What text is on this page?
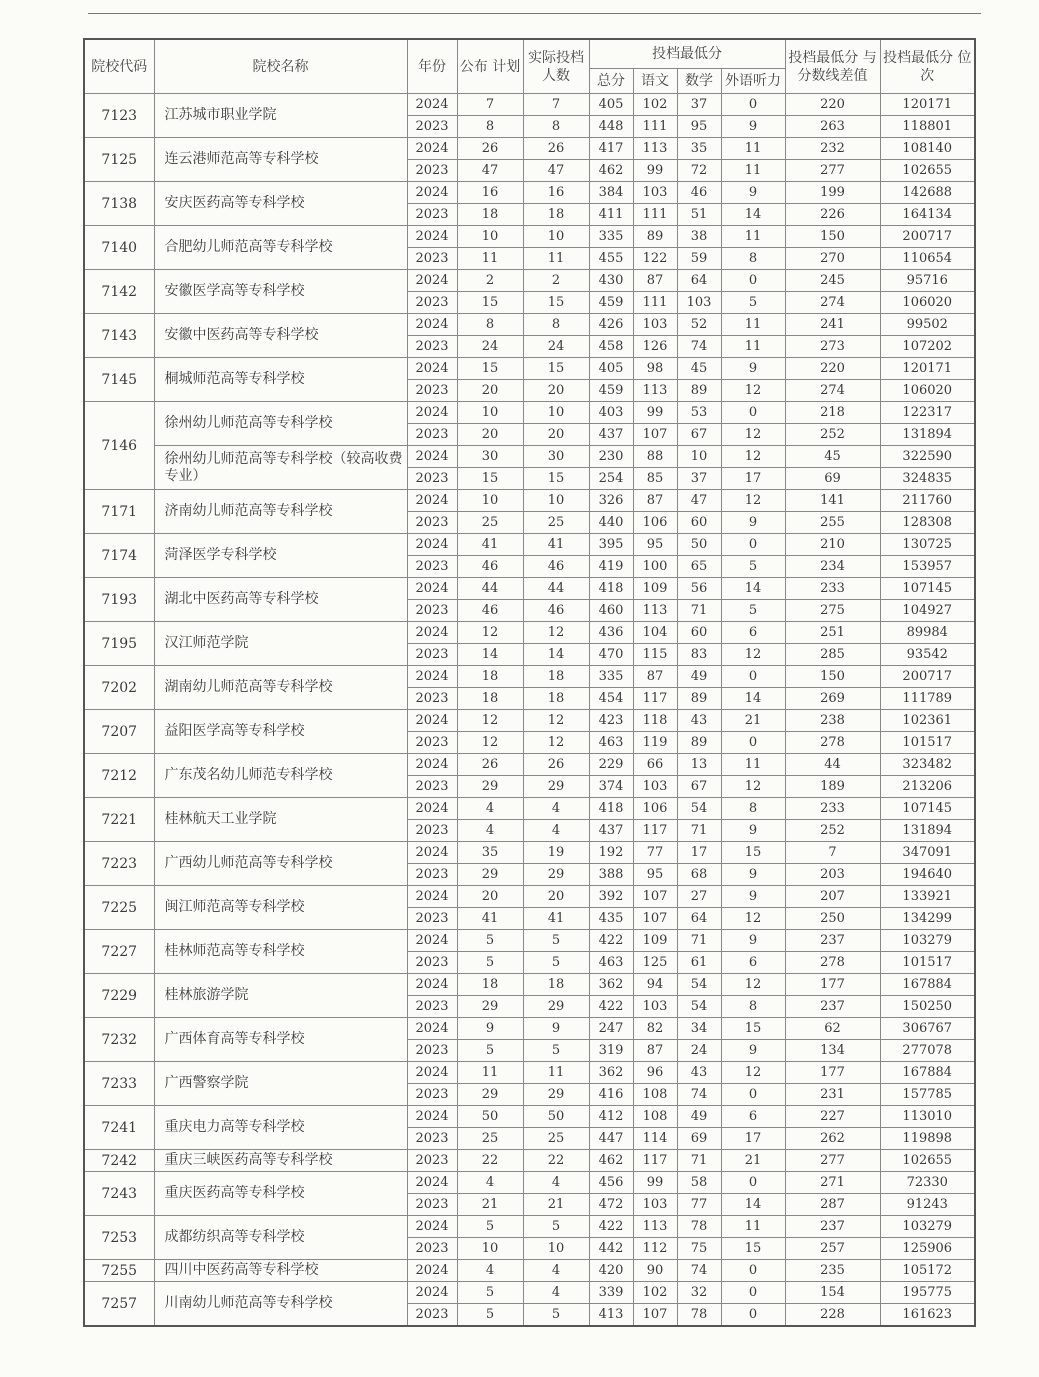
院校代码	院校名称	年份	公布 计划	实际投档 人数	投档最低分				投档最低分 与分数线差值	投档最低分 位次
					总分	语文	数学	外语听力		
7123	江苏城市职业学院	2024	7	7	405	102	37	0	220	120171
		2023	8	8	448	111	95	9	263	118801
7125	连云港师范高等专科学校	2024	26	26	417	113	35	11	232	108140
		2023	47	47	462	99	72	11	277	102655
7138	安庆医药高等专科学校	2024	16	16	384	103	46	9	199	142688
		2023	18	18	411	111	51	14	226	164134
7140	合肥幼儿师范高等专科学校	2024	10	10	335	89	38	11	150	200717
		2023	11	11	455	122	59	8	270	110654
7142	安徽医学高等专科学校	2024	2	2	430	87	64	0	245	95716
		2023	15	15	459	111	103	5	274	106020
7143	安徽中医药高等专科学校	2024	8	8	426	103	52	11	241	99502
		2023	24	24	458	126	74	11	273	107202
7145	桐城师范高等专科学校	2024	15	15	405	98	45	9	220	120171
		2023	20	20	459	113	89	12	274	106020
7146	徐州幼儿师范高等专科学校	2024	10	10	403	99	53	0	218	122317
		2023	20	20	437	107	67	12	252	131894
	徐州幼儿师范高等专科学校（较高收费专业）	2024	30	30	230	88	10	12	45	322590
		2023	15	15	254	85	37	17	69	324835
7171	济南幼儿师范高等专科学校	2024	10	10	326	87	47	12	141	211760
		2023	25	25	440	106	60	9	255	128308
7174	菏泽医学专科学校	2024	41	41	395	95	50	0	210	130725
		2023	46	46	419	100	65	5	234	153957
7193	湖北中医药高等专科学校	2024	44	44	418	109	56	14	233	107145
		2023	46	46	460	113	71	5	275	104927
7195	汉江师范学院	2024	12	12	436	104	60	6	251	89984
		2023	14	14	470	115	83	12	285	93542
7202	湖南幼儿师范高等专科学校	2024	18	18	335	87	49	0	150	200717
		2023	18	18	454	117	89	14	269	111789
7207	益阳医学高等专科学校	2024	12	12	423	118	43	21	238	102361
		2023	12	12	463	119	89	0	278	101517
7212	广东茂名幼儿师范专科学校	2024	26	26	229	66	13	11	44	323482
		2023	29	29	374	103	67	12	189	213206
7221	桂林航天工业学院	2024	4	4	418	106	54	8	233	107145
		2023	4	4	437	117	71	9	252	131894
7223	广西幼儿师范高等专科学校	2024	35	19	192	77	17	15	7	347091
		2023	29	29	388	95	68	9	203	194640
7225	闽江师范高等专科学校	2024	20	20	392	107	27	9	207	133921
		2023	41	41	435	107	64	12	250	134299
7227	桂林师范高等专科学校	2024	5	5	422	109	71	9	237	103279
		2023	5	5	463	125	61	6	278	101517
7229	桂林旅游学院	2024	18	18	362	94	54	12	177	167884
		2023	29	29	422	103	54	8	237	150250
7232	广西体育高等专科学校	2024	9	9	247	82	34	15	62	306767
		2023	5	5	319	87	24	9	134	277078
7233	广西警察学院	2024	11	11	362	96	43	12	177	167884
		2023	29	29	416	108	74	0	231	157785
7241	重庆电力高等专科学校	2024	50	50	412	108	49	6	227	113010
		2023	25	25	447	114	69	17	262	119898
7242	重庆三峡医药高等专科学校	2023	22	22	462	117	71	21	277	102655
7243	重庆医药高等专科学校	2024	4	4	456	99	58	0	271	72330
		2023	21	21	472	103	77	14	287	91243
7253	成都纺织高等专科学校	2024	5	5	422	113	78	11	237	103279
		2023	10	10	442	112	75	15	257	125906
7255	四川中医药高等专科学校	2024	4	4	420	90	74	0	235	105172
7257	川南幼儿师范高等专科学校	2024	5	4	339	102	32	0	154	195775
		2023	5	5	413	107	78	0	228	161623
